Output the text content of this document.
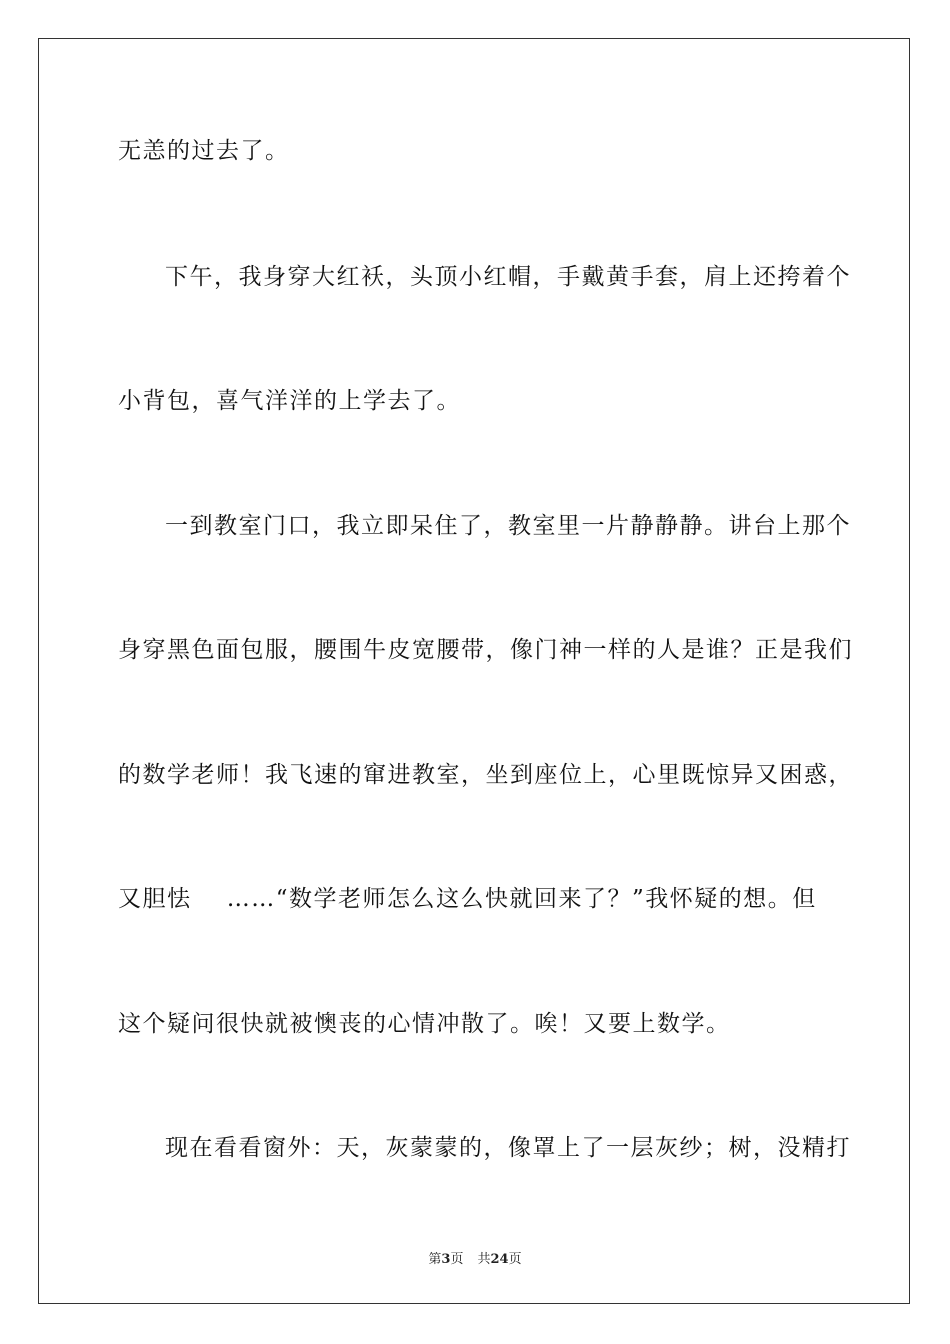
无恙的过去了。
下午，我身穿大红袄，头顶小红帽，手戴黄手套，肩上还挎着个
小背包，喜气洋洋的上学去了。
一到教室门口，我立即呆住了，教室里一片静静静。讲台上那个
身穿黑色面包服，腰围牛皮宽腰带，像门神一样的人是谁？正是我们
的数学老师！我飞速的窜进教室，坐到座位上，心里既惊异又困惑，
又胆怯    ……“数学老师怎么这么快就回来了？”我怀疑的想。但
这个疑问很快就被懊丧的心情冲散了。唉！又要上数学。
现在看看窗外：天，灰蒙蒙的，像罩上了一层灰纱；树，没精打
第3页 共24页
